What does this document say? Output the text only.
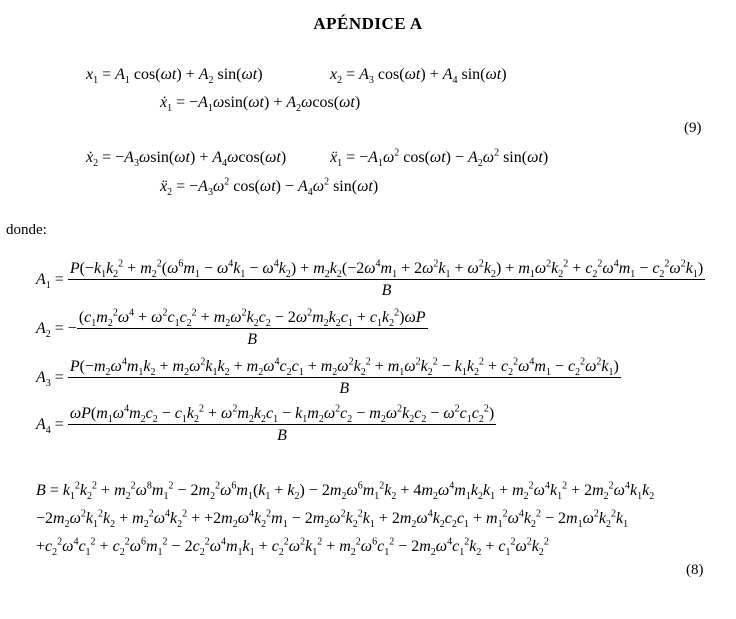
APÉNDICE A
$x_1 = A_1$ $\cos(\omega t) + A_2$ sin(ωt)	$x_2 = A_3$ $\cos(\omega t) + A_4$ sin(ωt)
ẋ$_1$ = $-A_1\omega\sin(\omega t) + A_2\omega\cos(\omega t)$
(9)
ẋ$_2$ = $-A_3\omega\sin(\omega t) + A_4\omega\cos(\omega t)$	ẍ$_1$ = $-A_1\omega^2$ $\cos(\omega t) - A_2\omega^2$ sin(ωt)
ẍ$_2$ = $-A_3\omega^2$ $\cos(\omega t) - A_4\omega^2$ sin(ωt)
donde:
$A_1$ =
$P(-k_1k_2^2 + m_2^2(\omega^6m_1 - \omega^4k_1 - \omega^4k_2) + m_2k_2(-2\omega^4m_1 + 2\omega^2k_1 + \omega^2k_2) + m_1\omega^2k_2^2 + c_2^2\omega^4m_1 - c_2^2\omega^2k_1)$
B
$A_2$ = − $\frac{(c_1m_2^2\omega^4 + \omega^2c_1c_2^2 + m_2\omega^2k_2c_2 - 2\omega^2m_2k_2c_1 + c_1k_2^2)\omega P}{B}$
$A_3$ =
$P(-m_2\omega^4m_1k_2 + m_2\omega^2k_1k_2 + m_2\omega^4c_2c_1 + m_2\omega^2k_2^2 + m_1\omega^2k_2^2 - k_1k_2^2 + c_2^2\omega^4m_1 - c_2^2\omega^2k_1)$
B
$A_4$ =
$\omega P(m_1\omega^4m_2c_2 - c_1k_2^2 + \omega^2m_2k_2c_1 - k_1m_2\omega^2c_2 - m_2\omega^2k_2c_2 - \omega^2c_1c_2^2)$
B
$B = k_1^2k_2^2 + m_2^2\omega^8m_1^2 - 2m_2^2\omega^6m_1(k_1 + k_2) - 2m_2\omega^6m_1^2k_2 + 4m_2\omega^4m_1k_2k_1 + m_2^2\omega^4k_1^2 + 2m_2^2\omega^4k_1k_2$
$-2m_2\omega^2k_1^2k_2 + m_2^2\omega^4k_2^2 + +2m_2\omega^4k_2^2m_1 - 2m_2\omega^2k_2^2k_1 + 2m_2\omega^4k_2c_2c_1 + m_1^2\omega^4k_2^2 - 2m_1\omega^2k_2^2k_1$
$+c_2^2\omega^4c_1^2 + c_2^2\omega^6m_1^2 - 2c_2^2\omega^4m_1k_1 + c_2^2\omega^2k_1^2 + m_2^2\omega^6c_1^2 - 2m_2\omega^4c_1^2k_2 + c_1^2\omega^2k_2^2$
(8)
